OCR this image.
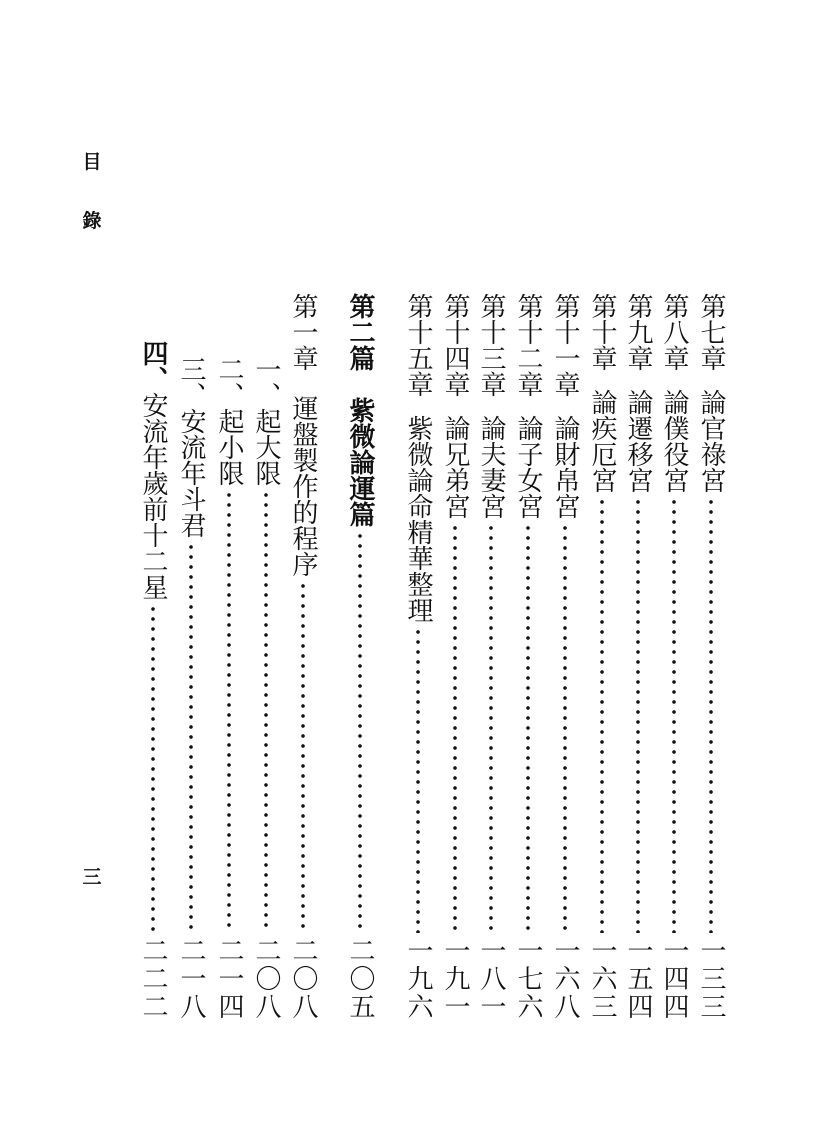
目
錄
三
第七章
論官祿宮
一三三
第八章
論僕役宮
一四四
第九章
論遷移宮
一五四
第十章
論疾厄宮
一六三
第十一章
論財帛宮
一六八
第十二章
論子女宮
一七六
第十三章
論夫妻宮
一八一
第十四章
論兄弟宮
一九一
第十五章
紫微論命精華整理
一九六
第二篇
紫微論運篇
二〇五
第一章
運盤製作的程序
二〇八
一、
起大限
二〇八
二、
起小限
二一四
三、
安流年斗君
二一八
四、
安流年歲前十二星
二二二
